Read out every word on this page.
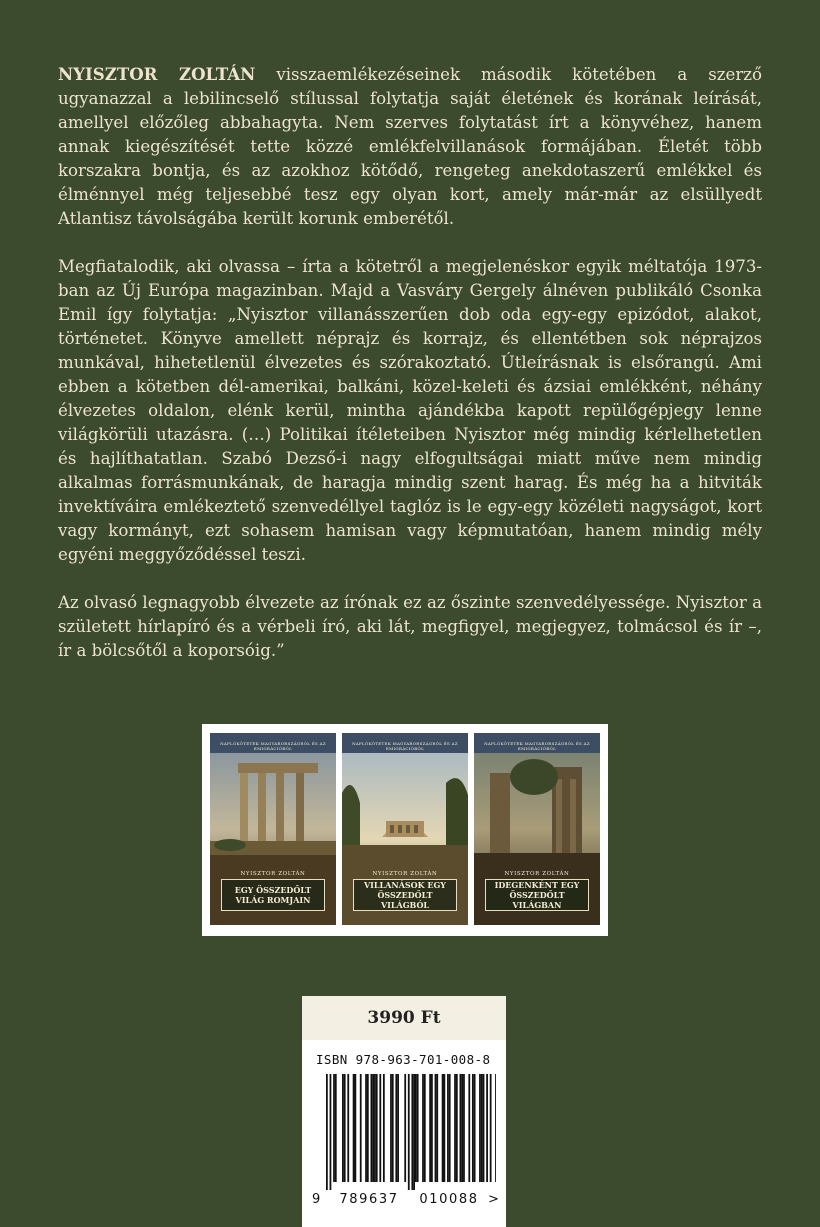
NYISZTOR ZOLTÁN visszaemlékezéseinek második kötetében a szerző ugyanazzal a lebilincselő stílussal folytatja saját életének és korának leírását, amellyel előzőleg abbahagyta. Nem szerves folytatást írt a könyvéhez, hanem annak kiegészítését tette közzé emlékfelvillanások formájában. Életét több korszakra bontja, és az azokhoz kötődő, rengeteg anekdotaszerű emlékkel és élménnyel még teljesebbé tesz egy olyan kort, amely már-már az elsüllyedt Atlantisz távolságába került korunk emberétől.

Megfiatalodik, aki olvassa – írta a kötetről a megjelenéskor egyik méltatója 1973-ban az Új Európa magazinban. Majd a Vasváry Gergely álnéven publikáló Csonka Emil így folytatja: „Nyisztor villanásszerűen dob oda egy-egy epizódot, alakot, történetet. Könyve amellett néprajz és korrajz, és ellentétben sok néprajzos munkával, hihetetlenül élvezetes és szórakoztató. Útleírásnak is elsőrangú. Ami ebben a kötetben dél-amerikai, balkáni, közel-keleti és ázsiai emlékként, néhány élvezetes oldalon, elénk kerül, mintha ajándékba kapott repülőgépjegy lenne világkörüli utazásra. (…) Politikai ítéleteiben Nyisztor még mindig kérlelhetetlen és hajlíthatatlan. Szabó Dezső-i nagy elfogultságai miatt műve nem mindig alkalmas forrásmunkának, de haragja mindig szent harag. És még ha a hitviták invektíváira emlékeztető szenvedéllyel taglóz is le egy-egy közéleti nagyságot, kort vagy kormányt, ezt sohasem hamisan vagy képmutatóan, hanem mindig mély egyéni meggyőződéssel teszi.

Az olvasó legnagyobb élvezete az írónak ez az őszinte szenvedélyessége. Nyisztor a született hírlapíró és a vérbeli író, aki lát, megfigyel, megjegyez, tolmácsol és ír –, ír a bölcsőtől a koporsóig.”

NAPLÓKÖTETEK MAGYARORSZÁGRÓL ÉS AZ EMIGRÁCIÓBÓL
NYISZTOR ZOLTÁN
EGY ÖSSZEDŐLT VILÁG ROMJAIN
NAPLÓKÖTETEK MAGYARORSZÁGRÓL ÉS AZ EMIGRÁCIÓBÓL
NYISZTOR ZOLTÁN
VILLANÁSOK EGY ÖSSZEDŐLT VILÁGBÓL
NAPLÓKÖTETEK MAGYARORSZÁGRÓL ÉS AZ EMIGRÁCIÓBÓL
NYISZTOR ZOLTÁN
IDEGENKÉNT EGY ÖSSZEDŐLT VILÁGBAN
3990 Ft
ISBN 978-963-701-008-8
9	789637	010088 >
